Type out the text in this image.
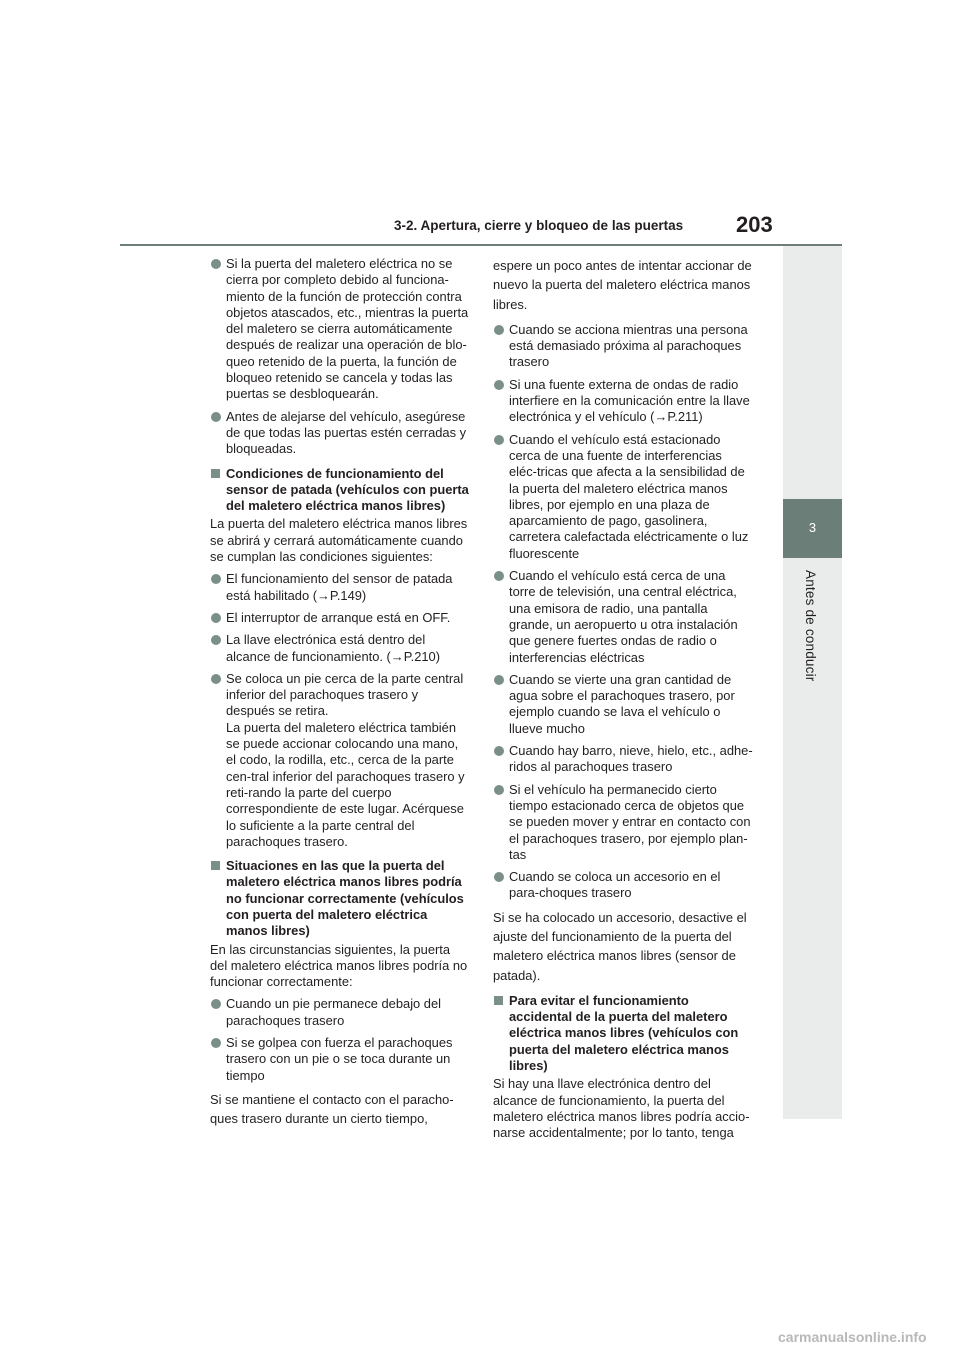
3-2. Apertura, cierre y bloqueo de las puertas 203
3
Antes de conducir
Si la puerta del maletero eléctrica no se cierra por completo debido al funciona-miento de la función de protección contra objetos atascados, etc., mientras la puerta del maletero se cierra automáticamente después de realizar una operación de blo-queo retenido de la puerta, la función de bloqueo retenido se cancela y todas las puertas se desbloquearán.
Antes de alejarse del vehículo, asegúrese de que todas las puertas estén cerradas y bloqueadas.
Condiciones de funcionamiento del sensor de patada (vehículos con puerta del maletero eléctrica manos libres)
La puerta del maletero eléctrica manos libres se abrirá y cerrará automáticamente cuando se cumplan las condiciones siguientes:
El funcionamiento del sensor de patada está habilitado (→P.149)
El interruptor de arranque está en OFF.
La llave electrónica está dentro del alcance de funcionamiento. (→P.210)
Se coloca un pie cerca de la parte central inferior del parachoques trasero y después se retira.
La puerta del maletero eléctrica también se puede accionar colocando una mano, el codo, la rodilla, etc., cerca de la parte cen-tral inferior del parachoques trasero y reti-rando la parte del cuerpo correspondiente de este lugar. Acérquese lo suficiente a la parte central del parachoques trasero.
Situaciones en las que la puerta del maletero eléctrica manos libres podría no funcionar correctamente (vehículos con puerta del maletero eléctrica manos libres)
En las circunstancias siguientes, la puerta del maletero eléctrica manos libres podría no funcionar correctamente:
Cuando un pie permanece debajo del parachoques trasero
Si se golpea con fuerza el parachoques trasero con un pie o se toca durante un tiempo
Si se mantiene el contacto con el paracho-ques trasero durante un cierto tiempo,
espere un poco antes de intentar accionar de nuevo la puerta del maletero eléctrica manos libres.
Cuando se acciona mientras una persona está demasiado próxima al parachoques trasero
Si una fuente externa de ondas de radio interfiere en la comunicación entre la llave electrónica y el vehículo (→P.211)
Cuando el vehículo está estacionado cerca de una fuente de interferencias eléc-tricas que afecta a la sensibilidad de la puerta del maletero eléctrica manos libres, por ejemplo en una plaza de aparcamiento de pago, gasolinera, carretera calefactada eléctricamente o luz fluorescente
Cuando el vehículo está cerca de una torre de televisión, una central eléctrica, una emisora de radio, una pantalla grande, un aeropuerto u otra instalación que genere fuertes ondas de radio o interferencias eléctricas
Cuando se vierte una gran cantidad de agua sobre el parachoques trasero, por ejemplo cuando se lava el vehículo o llueve mucho
Cuando hay barro, nieve, hielo, etc., adhe-ridos al parachoques trasero
Si el vehículo ha permanecido cierto tiempo estacionado cerca de objetos que se pueden mover y entrar en contacto con el parachoques trasero, por ejemplo plan-tas
Cuando se coloca un accesorio en el para-choques trasero
Si se ha colocado un accesorio, desactive el ajuste del funcionamiento de la puerta del maletero eléctrica manos libres (sensor de patada).
Para evitar el funcionamiento accidental de la puerta del maletero eléctrica manos libres (vehículos con puerta del maletero eléctrica manos libres)
Si hay una llave electrónica dentro del alcance de funcionamiento, la puerta del maletero eléctrica manos libres podría accio-narse accidentalmente; por lo tanto, tenga
carmanualsonline.info
